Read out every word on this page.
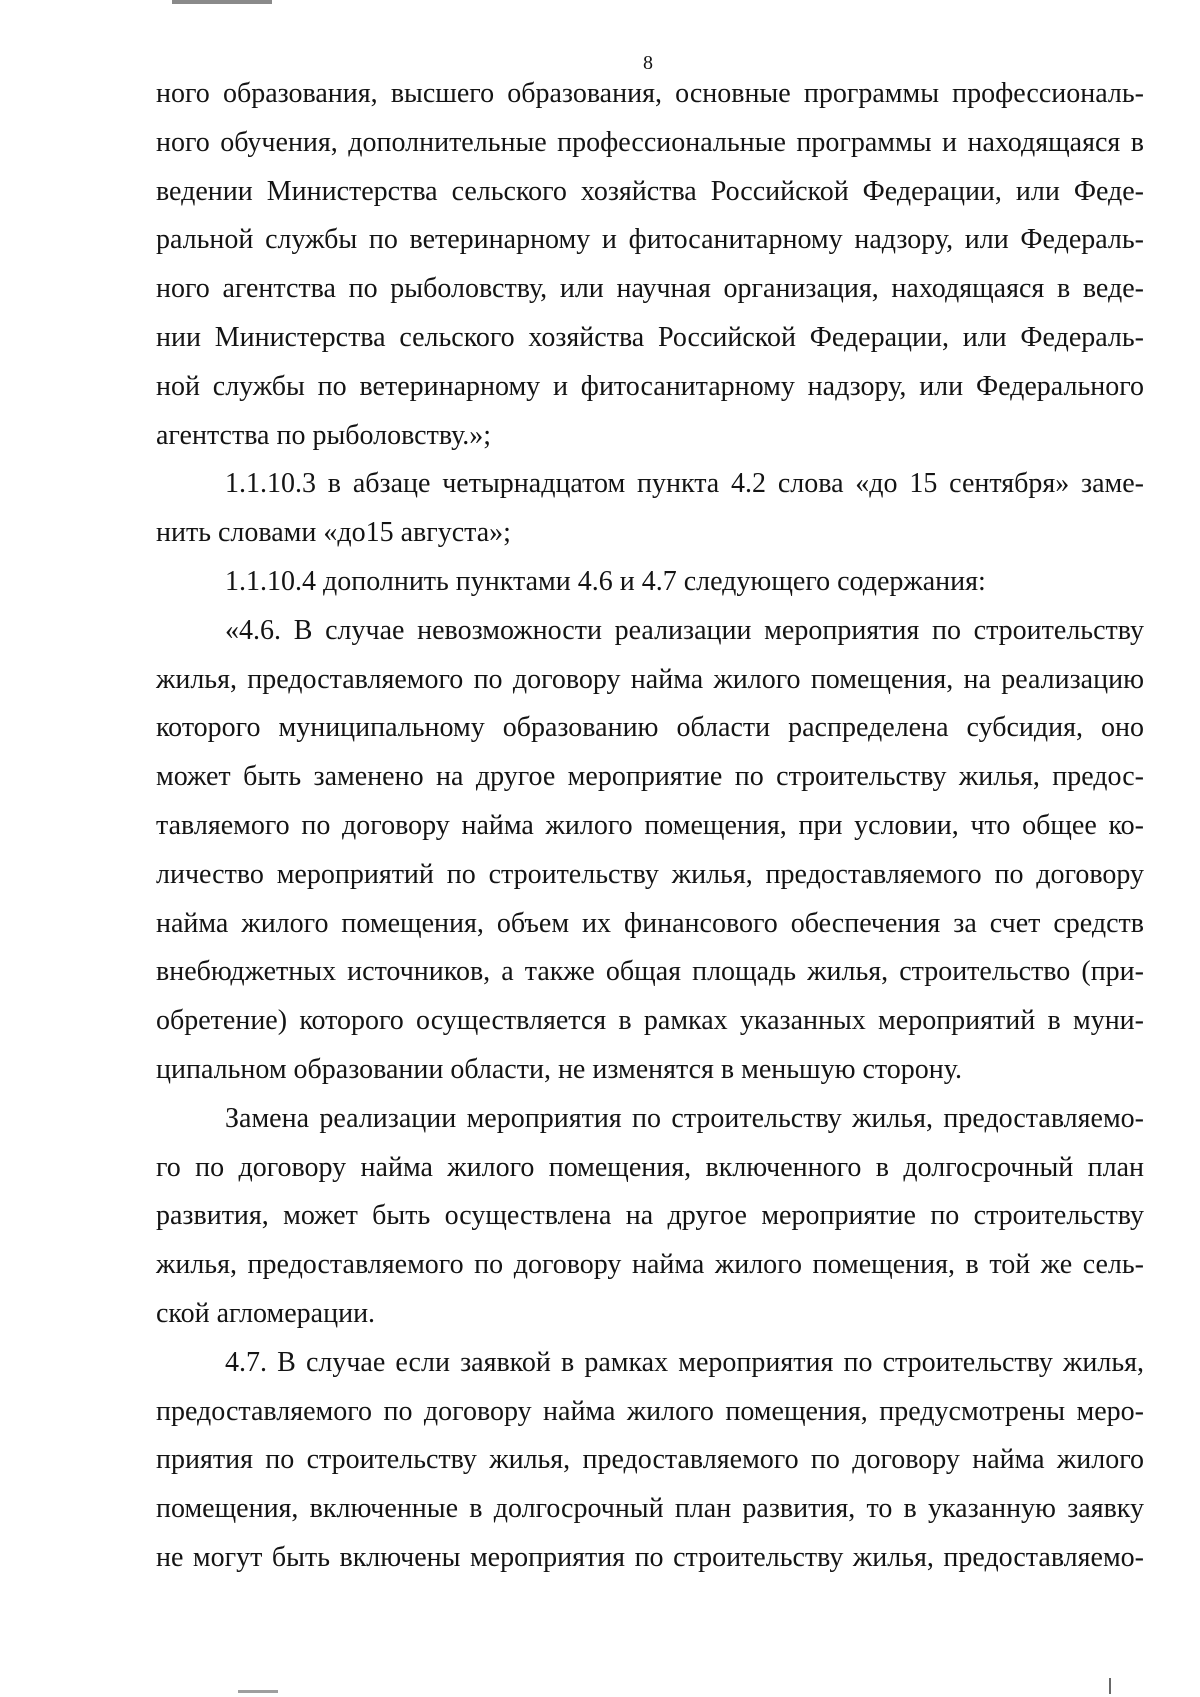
8
ного образования, высшего образования, основные программы профессиональ-
ного обучения, дополнительные профессиональные программы и находящаяся в
ведении Министерства сельского хозяйства Российской Федерации, или Феде-
ральной службы по ветеринарному и фитосанитарному надзору, или Федераль-
ного агентства по рыболовству, или научная организация, находящаяся в веде-
нии Министерства сельского хозяйства Российской Федерации, или Федераль-
ной службы по ветеринарному и фитосанитарному надзору, или Федерального
агентства по рыболовству.»;
1.1.10.3 в абзаце четырнадцатом пункта 4.2 слова «до 15 сентября» заме-
нить словами «до15 августа»;
1.1.10.4 дополнить пунктами 4.6 и 4.7 следующего содержания:
«4.6. В случае невозможности реализации мероприятия по строительству
жилья, предоставляемого по договору найма жилого помещения, на реализацию
которого муниципальному образованию области распределена субсидия, оно
может быть заменено на другое мероприятие по строительству жилья, предос-
тавляемого по договору найма жилого помещения, при условии, что общее ко-
личество мероприятий по строительству жилья, предоставляемого по договору
найма жилого помещения, объем их финансового обеспечения за счет средств
внебюджетных источников, а также общая площадь жилья, строительство (при-
обретение) которого осуществляется в рамках указанных мероприятий в муни-
ципальном образовании области, не изменятся в меньшую сторону.
Замена реализации мероприятия по строительству жилья, предоставляемо-
го по договору найма жилого помещения, включенного в долгосрочный план
развития, может быть осуществлена на другое мероприятие по строительству
жилья, предоставляемого по договору найма жилого помещения, в той же сель-
ской агломерации.
4.7. В случае если заявкой в рамках мероприятия по строительству жилья,
предоставляемого по договору найма жилого помещения, предусмотрены меро-
приятия по строительству жилья, предоставляемого по договору найма жилого
помещения, включенные в долгосрочный план развития, то в указанную заявку
не могут быть включены мероприятия по строительству жилья, предоставляемо-
